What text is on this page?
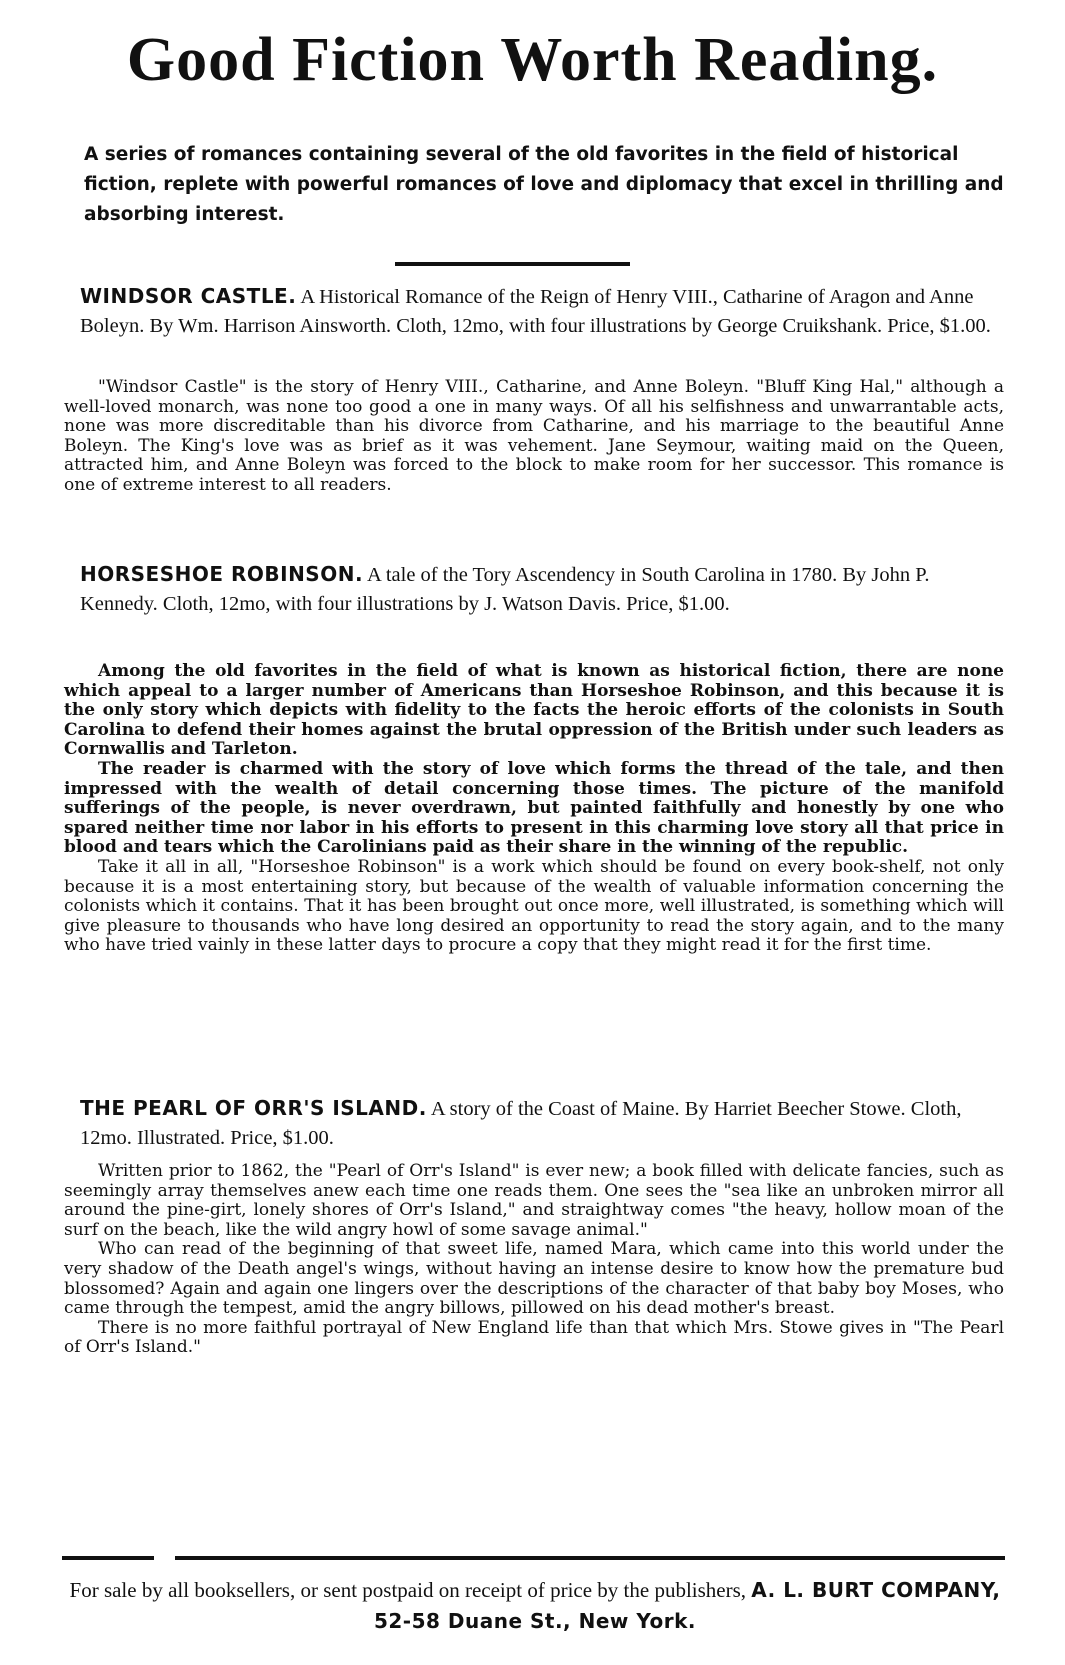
Good Fiction Worth Reading.
A series of romances containing several of the old favorites in the field of historical fiction, replete with powerful romances of love and diplomacy that excel in thrilling and absorbing interest.
WINDSOR CASTLE. A Historical Romance of the Reign of Henry VIII., Catharine of Aragon and Anne Boleyn. By Wm. Harrison Ainsworth. Cloth, 12mo, with four illustrations by George Cruikshank. Price, $1.00.

"Windsor Castle" is the story of Henry VIII., Catharine, and Anne Boleyn. "Bluff King Hal," although a well-loved monarch, was none too good a one in many ways. Of all his selfishness and unwarrantable acts, none was more discreditable than his divorce from Catharine, and his marriage to the beautiful Anne Boleyn. The King's love was as brief as it was vehement. Jane Seymour, waiting maid on the Queen, attracted him, and Anne Boleyn was forced to the block to make room for her successor. This romance is one of extreme interest to all readers.

HORSESHOE ROBINSON. A tale of the Tory Ascendency in South Carolina in 1780. By John P. Kennedy. Cloth, 12mo, with four illustrations by J. Watson Davis. Price, $1.00.

Among the old favorites in the field of what is known as historical fiction, there are none which appeal to a larger number of Americans than Horseshoe Robinson, and this because it is the only story which depicts with fidelity to the facts the heroic efforts of the colonists in South Carolina to defend their homes against the brutal oppression of the British under such leaders as Cornwallis and Tarleton.

The reader is charmed with the story of love which forms the thread of the tale, and then impressed with the wealth of detail concerning those times. The picture of the manifold sufferings of the people, is never overdrawn, but painted faithfully and honestly by one who spared neither time nor labor in his efforts to present in this charming love story all that price in blood and tears which the Carolinians paid as their share in the winning of the republic.

Take it all in all, "Horseshoe Robinson" is a work which should be found on every book-shelf, not only because it is a most entertaining story, but because of the wealth of valuable information concerning the colonists which it contains. That it has been brought out once more, well illustrated, is something which will give pleasure to thousands who have long desired an opportunity to read the story again, and to the many who have tried vainly in these latter days to procure a copy that they might read it for the first time.

THE PEARL OF ORR'S ISLAND. A story of the Coast of Maine. By Harriet Beecher Stowe. Cloth, 12mo. Illustrated. Price, $1.00.

Written prior to 1862, the "Pearl of Orr's Island" is ever new; a book filled with delicate fancies, such as seemingly array themselves anew each time one reads them. One sees the "sea like an unbroken mirror all around the pine-girt, lonely shores of Orr's Island," and straightway comes "the heavy, hollow moan of the surf on the beach, like the wild angry howl of some savage animal."

Who can read of the beginning of that sweet life, named Mara, which came into this world under the very shadow of the Death angel's wings, without having an intense desire to know how the premature bud blossomed? Again and again one lingers over the descriptions of the character of that baby boy Moses, who came through the tempest, amid the angry billows, pillowed on his dead mother's breast.

There is no more faithful portrayal of New England life than that which Mrs. Stowe gives in "The Pearl of Orr's Island."

For sale by all booksellers, or sent postpaid on receipt of price by the publishers, A. L. BURT COMPANY, 52-58 Duane St., New York.
